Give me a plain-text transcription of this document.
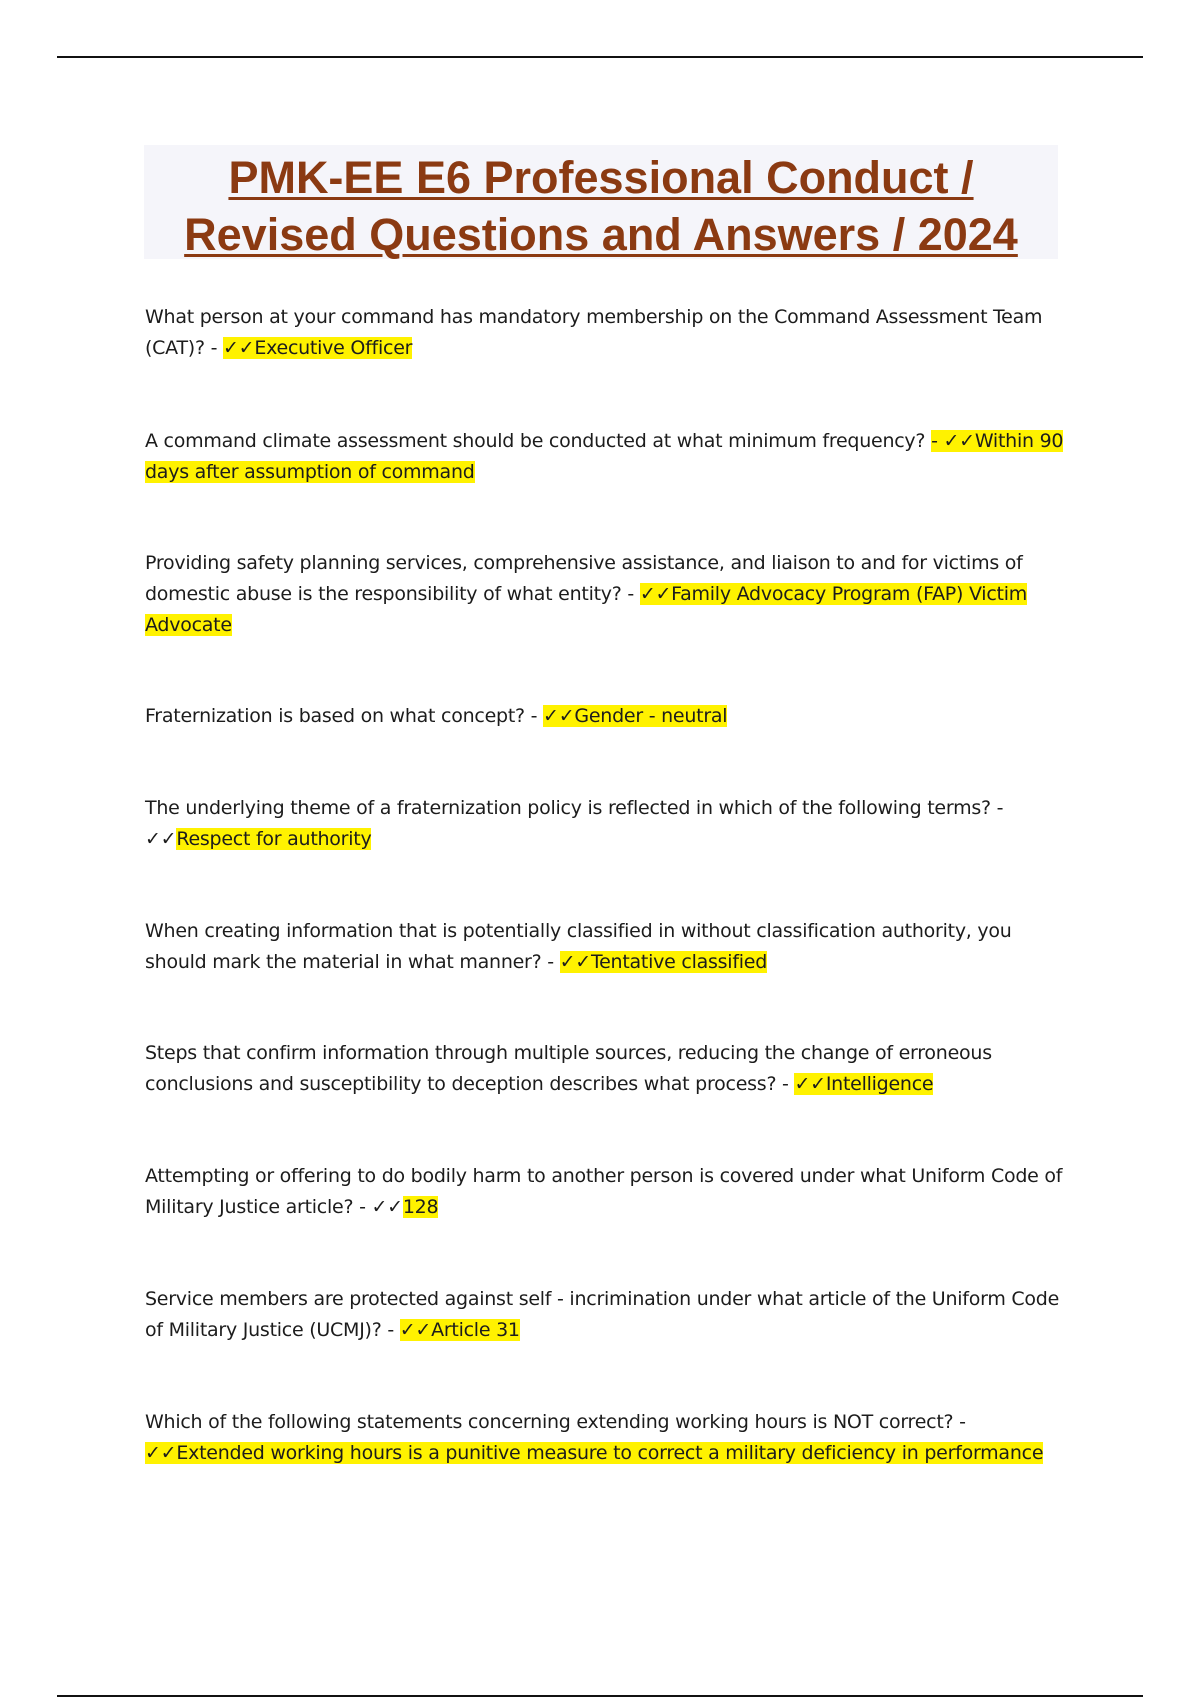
PMK-EE E6 Professional Conduct /
Revised Questions and Answers / 2024
What person at your command has mandatory membership on the Command Assessment Team (CAT)? - ✓✓Executive Officer
A command climate assessment should be conducted at what minimum frequency? - ✓✓Within 90 days after assumption of command
Providing safety planning services, comprehensive assistance, and liaison to and for victims of domestic abuse is the responsibility of what entity? - ✓✓Family Advocacy Program (FAP) Victim Advocate
Fraternization is based on what concept? - ✓✓Gender - neutral
The underlying theme of a fraternization policy is reflected in which of the following terms? - ✓✓Respect for authority
When creating information that is potentially classified in without classification authority, you should mark the material in what manner? - ✓✓Tentative classified
Steps that confirm information through multiple sources, reducing the change of erroneous conclusions and susceptibility to deception describes what process? - ✓✓Intelligence
Attempting or offering to do bodily harm to another person is covered under what Uniform Code of Military Justice article? - ✓✓128
Service members are protected against self - incrimination under what article of the Uniform Code of Military Justice (UCMJ)? - ✓✓Article 31
Which of the following statements concerning extending working hours is NOT correct? - ✓✓Extended working hours is a punitive measure to correct a military deficiency in performance
